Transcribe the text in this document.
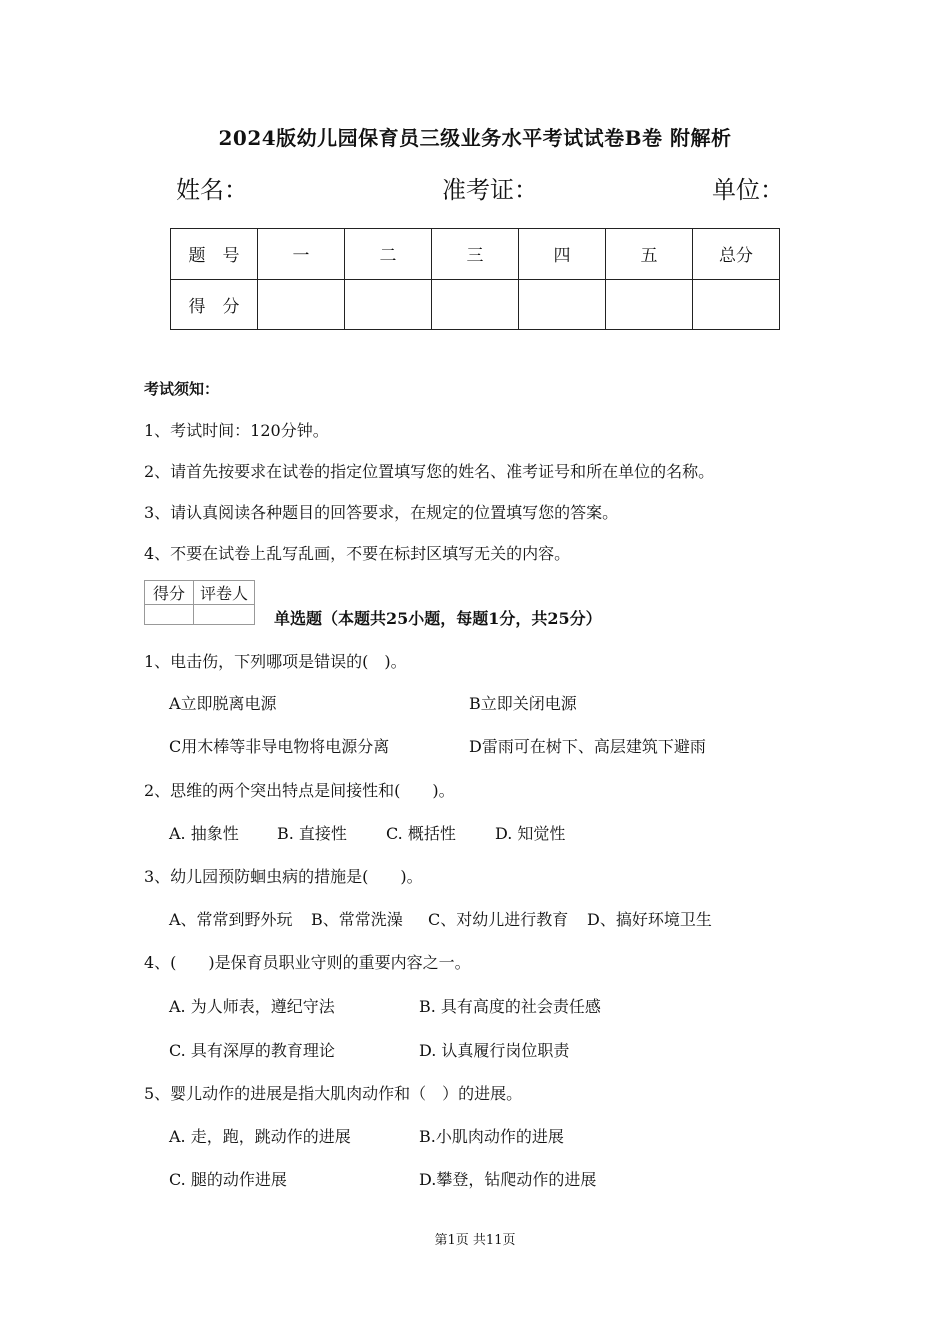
2024版幼儿园保育员三级业务水平考试试卷B卷 附解析
姓名：	准考证：	单位：
题　号	一	二	三	四	五	总分
得　分						
考试须知：
1、考试时间：120分钟。
2、请首先按要求在试卷的指定位置填写您的姓名、准考证号和所在单位的名称。
3、请认真阅读各种题目的回答要求，在规定的位置填写您的答案。
4、不要在试卷上乱写乱画，不要在标封区填写无关的内容。
得分	评卷人

单选题（本题共25小题，每题1分，共25分）
1、电击伤，下列哪项是错误的(　)。
A立即脱离电源	B立即关闭电源
C用木棒等非导电物将电源分离	D雷雨可在树下、高层建筑下避雨
2、思维的两个突出特点是间接性和(　　)。
A. 抽象性 B. 直接性 C. 概括性 D. 知觉性
3、幼儿园预防蛔虫病的措施是(　　)。
A、常常到野外玩 B、常常洗澡 C、对幼儿进行教育 D、搞好环境卫生
4、(　　)是保育员职业守则的重要内容之一。
A. 为人师表，遵纪守法	B. 具有高度的社会责任感
C. 具有深厚的教育理论	D. 认真履行岗位职责
5、婴儿动作的进展是指大肌肉动作和（　）的进展。
A. 走，跑，跳动作的进展	B.小肌肉动作的进展
C. 腿的动作进展	D.攀登，钻爬动作的进展
第1页 共11页
